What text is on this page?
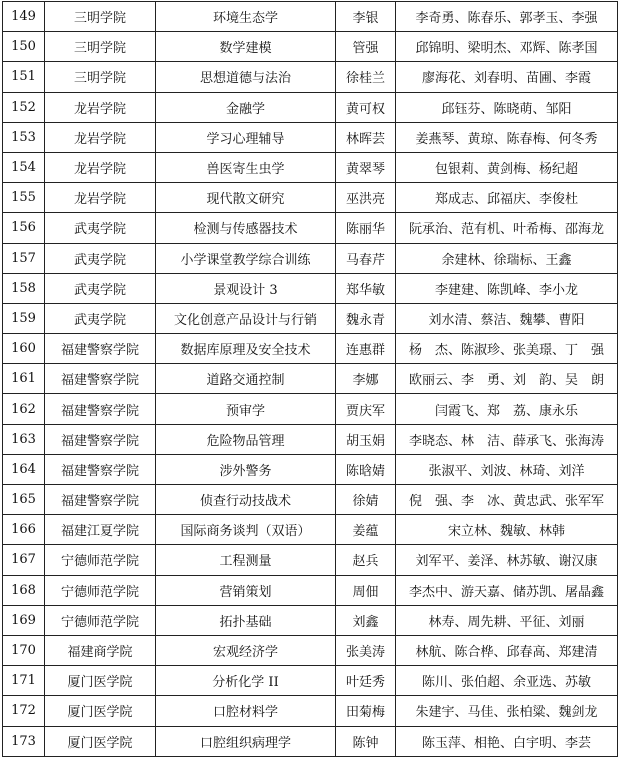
149	三明学院	环境生态学	李银	李奇勇、陈春乐、郭孝玉、李强
150	三明学院	数学建模	管强	邱锦明、梁明杰、邓辉、陈孝国
151	三明学院	思想道德与法治	徐桂兰	廖海花、刘春明、苗圃、李霞
152	龙岩学院	金融学	黄可权	邱钰芬、陈晓萌、邹阳
153	龙岩学院	学习心理辅导	林晖芸	姜燕琴、黄琼、陈春梅、何冬秀
154	龙岩学院	兽医寄生虫学	黄翠琴	包银莉、黄剑梅、杨纪超
155	龙岩学院	现代散文研究	巫洪亮	郑成志、邱福庆、李俊杜
156	武夷学院	检测与传感器技术	陈丽华	阮承治、范有机、叶希梅、邵海龙
157	武夷学院	小学课堂教学综合训练	马春芹	余建林、徐瑞标、王鑫
158	武夷学院	景观设计 3	郑华敏	李建建、陈凯峰、李小龙
159	武夷学院	文化创意产品设计与行销	魏永青	刘水清、蔡洁、魏攀、曹阳
160	福建警察学院	数据库原理及安全技术	连惠群	杨　杰、陈淑珍、张美璟、丁　强
161	福建警察学院	道路交通控制	李娜	欧丽云、李　勇、刘　韵、吴　朗
162	福建警察学院	预审学	贾庆军	闫霞飞、郑　荔、康永乐
163	福建警察学院	危险物品管理	胡玉娟	李晓态、林　洁、薛承飞、张海涛
164	福建警察学院	涉外警务	陈晗婧	张淑平、刘波、林琦、刘洋
165	福建警察学院	侦查行动技战术	徐婧	倪　强、李　冰、黄忠武、张军军
166	福建江夏学院	国际商务谈判（双语）	姜蕴	宋立林、魏敏、林韩
167	宁德师范学院	工程测量	赵兵	刘军平、姜泽、林苏敏、谢汉康
168	宁德师范学院	营销策划	周佃	李杰中、游天嘉、储苏凯、屠晶鑫
169	宁德师范学院	拓扑基础	刘鑫	林寿、周先耕、平征、刘丽
170	福建商学院	宏观经济学	张美涛	林航、陈合桦、邱春高、郑建清
171	厦门医学院	分析化学 II	叶廷秀	陈川、张伯超、余亚选、苏敏
172	厦门医学院	口腔材料学	田菊梅	朱建宇、马佳、张柏粱、魏剑龙
173	厦门医学院	口腔组织病理学	陈钟	陈玉萍、相艳、白宇明、李芸
